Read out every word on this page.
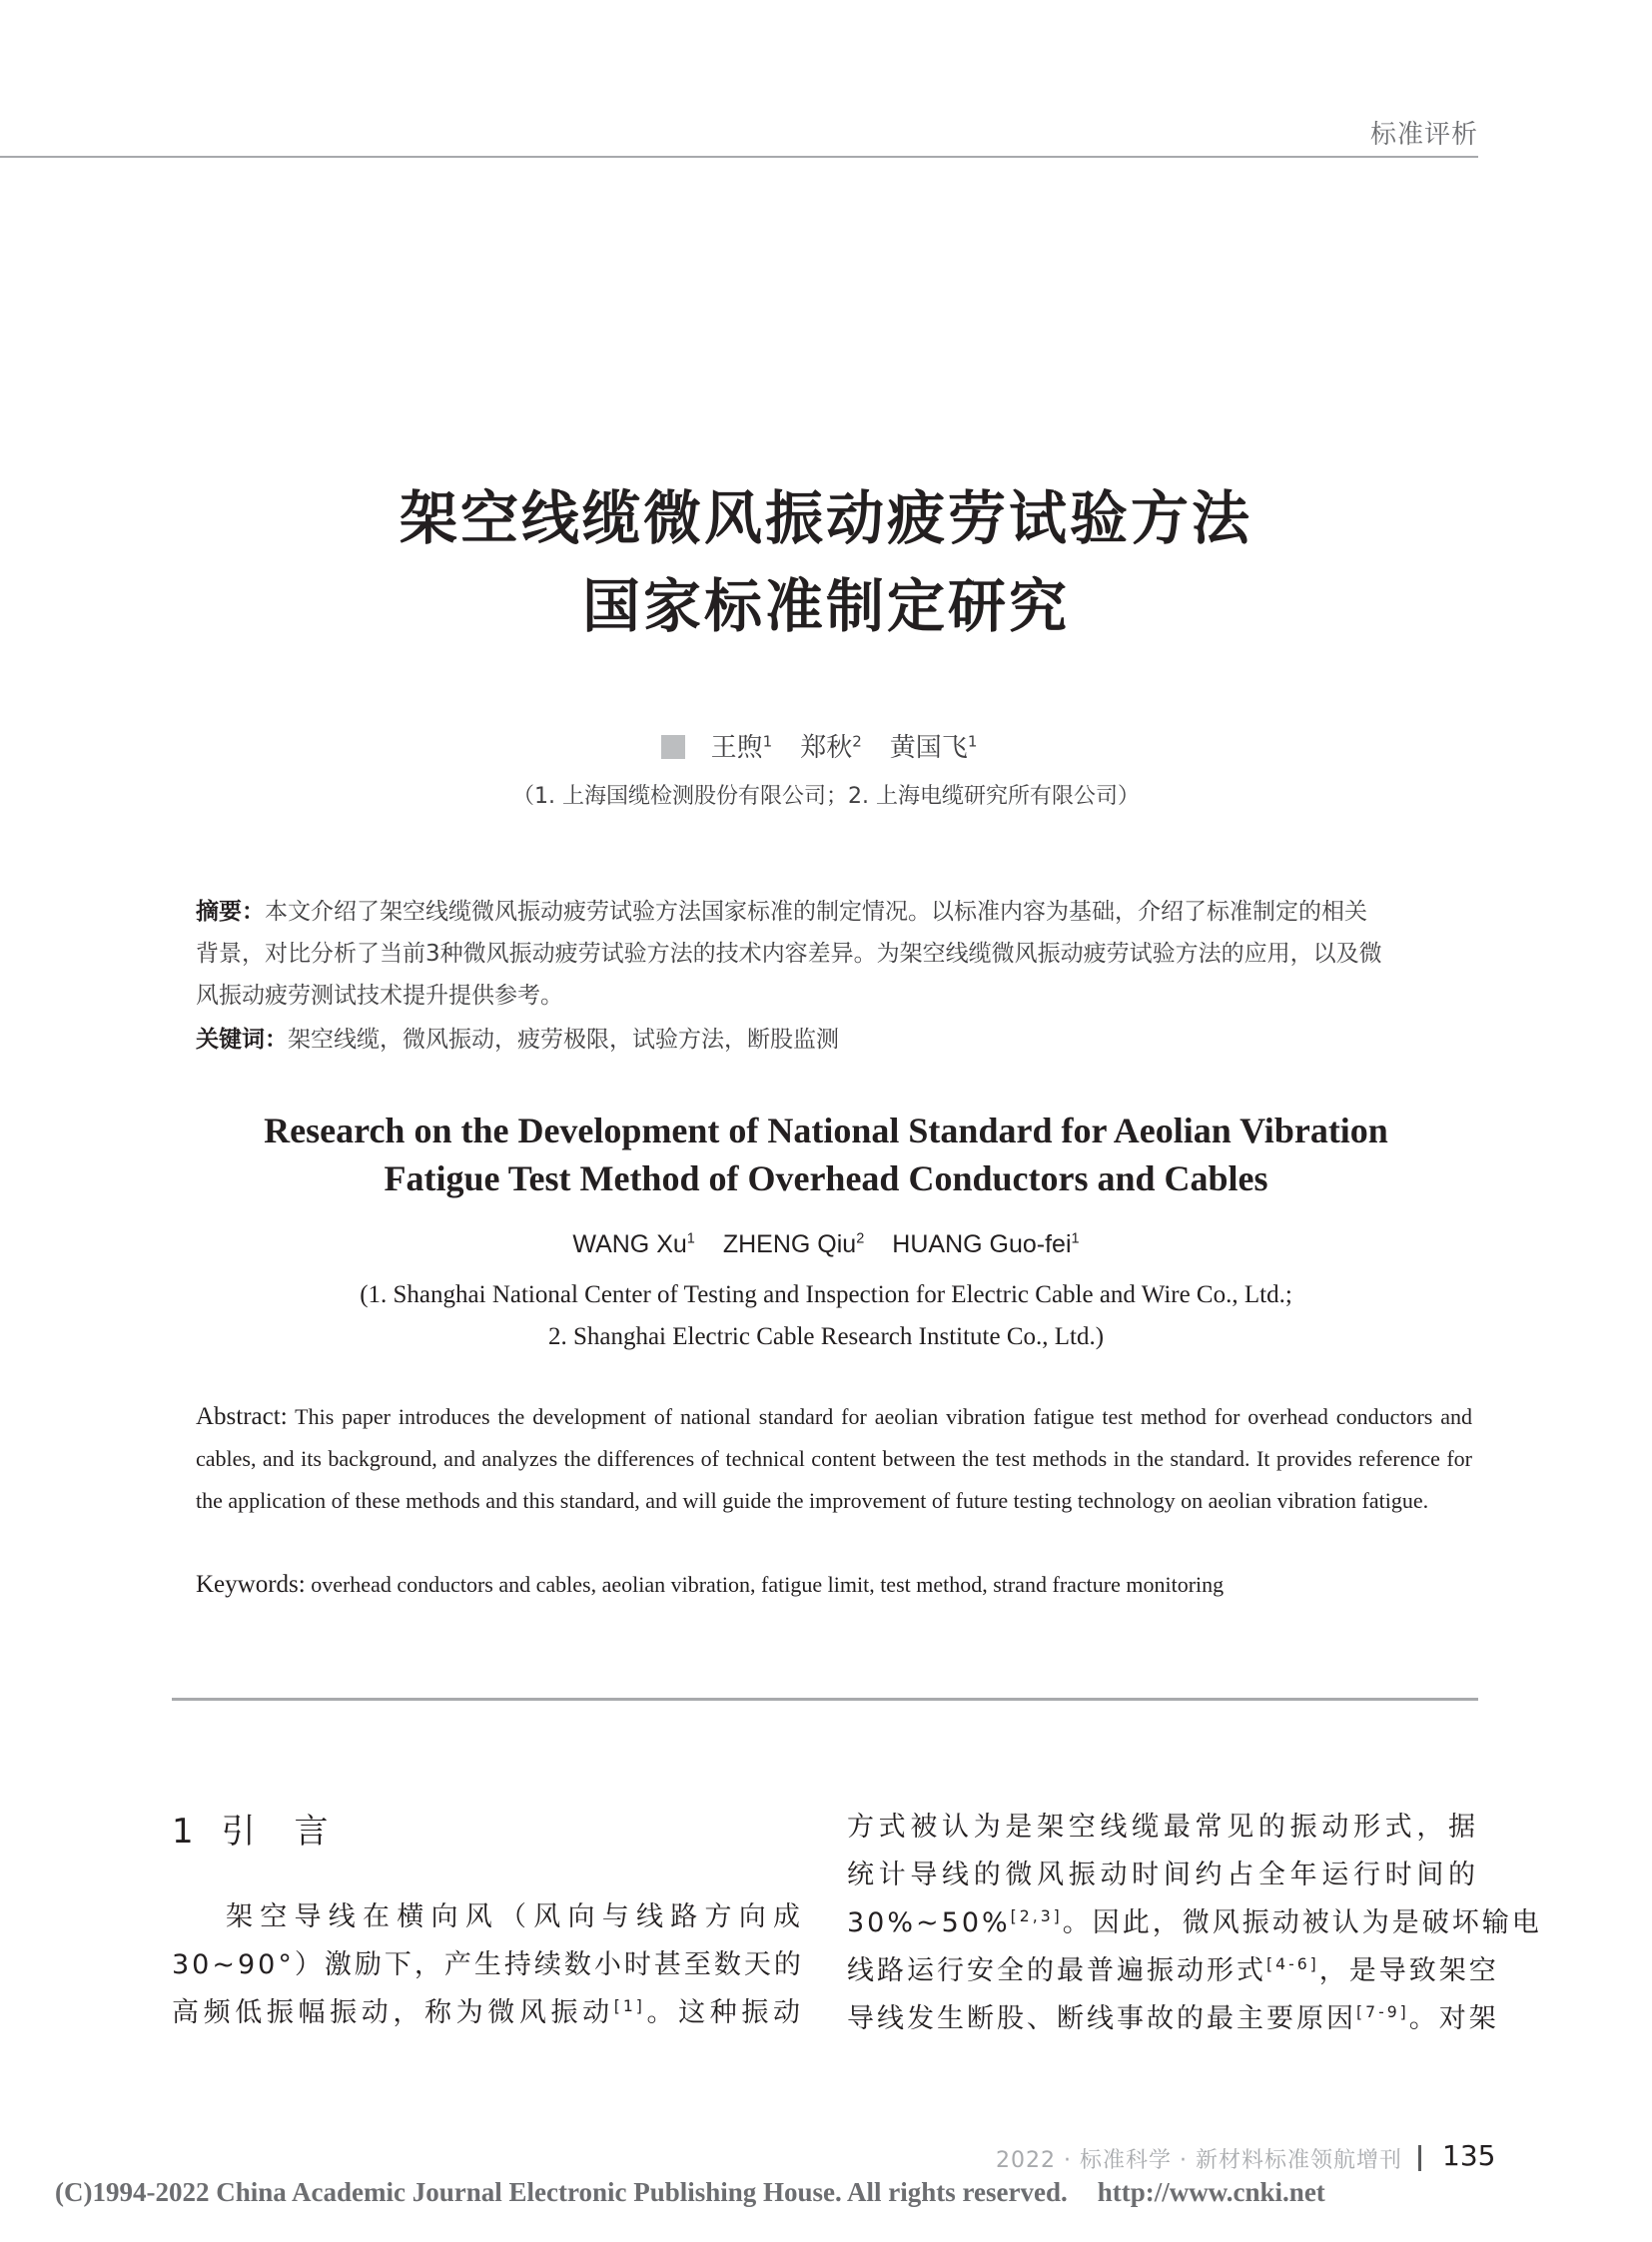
标准评析
架空线缆微风振动疲劳试验方法
国家标准制定研究
王煦$^1$ 郑秋$^2$ 黄国飞$^1$
（1. 上海国缆检测股份有限公司；2. 上海电缆研究所有限公司）
摘要：本文介绍了架空线缆微风振动疲劳试验方法国家标准的制定情况。以标准内容为基础，介绍了标准制定的相关
背景，对比分析了当前3种微风振动疲劳试验方法的技术内容差异。为架空线缆微风振动疲劳试验方法的应用，以及微
风振动疲劳测试技术提升提供参考。
关键词：架空线缆，微风振动，疲劳极限，试验方法，断股监测
Research on the Development of National Standard for Aeolian Vibration
Fatigue Test Method of Overhead Conductors and Cables
WANG Xu$^1$ ZHENG Qiu$^2$ HUANG Guo-fei$^1$
(1. Shanghai National Center of Testing and Inspection for Electric Cable and Wire Co., Ltd.;
2. Shanghai Electric Cable Research Institute Co., Ltd.)
Abstract: This paper introduces the development of national standard for aeolian vibration fatigue test method for overhead conductors and cables, and its background, and analyzes the differences of technical content between the test methods in the standard. It provides reference for the application of these methods and this standard, and will guide the improvement of future testing technology on aeolian vibration fatigue.
Keywords: overhead conductors and cables, aeolian vibration, fatigue limit, test method, strand fracture monitoring
1 引 言
架空导线在横向风（风向与线路方向成
30~90°）激励下，产生持续数小时甚至数天的
高频低振幅振动，称为微风振动[1]。这种振动
方式被认为是架空线缆最常见的振动形式，据
统计导线的微风振动时间约占全年运行时间的
30%~50%[2,3]。因此，微风振动被认为是破坏输电
线路运行安全的最普遍振动形式[4-6]，是导致架空
导线发生断股、断线事故的最主要原因[7-9]。对架
2022 · 标准科学 · 新材料标准领航增刊 135
(C)1994-2022 China Academic Journal Electronic Publishing House. All rights reserved. http://www.cnki.net
